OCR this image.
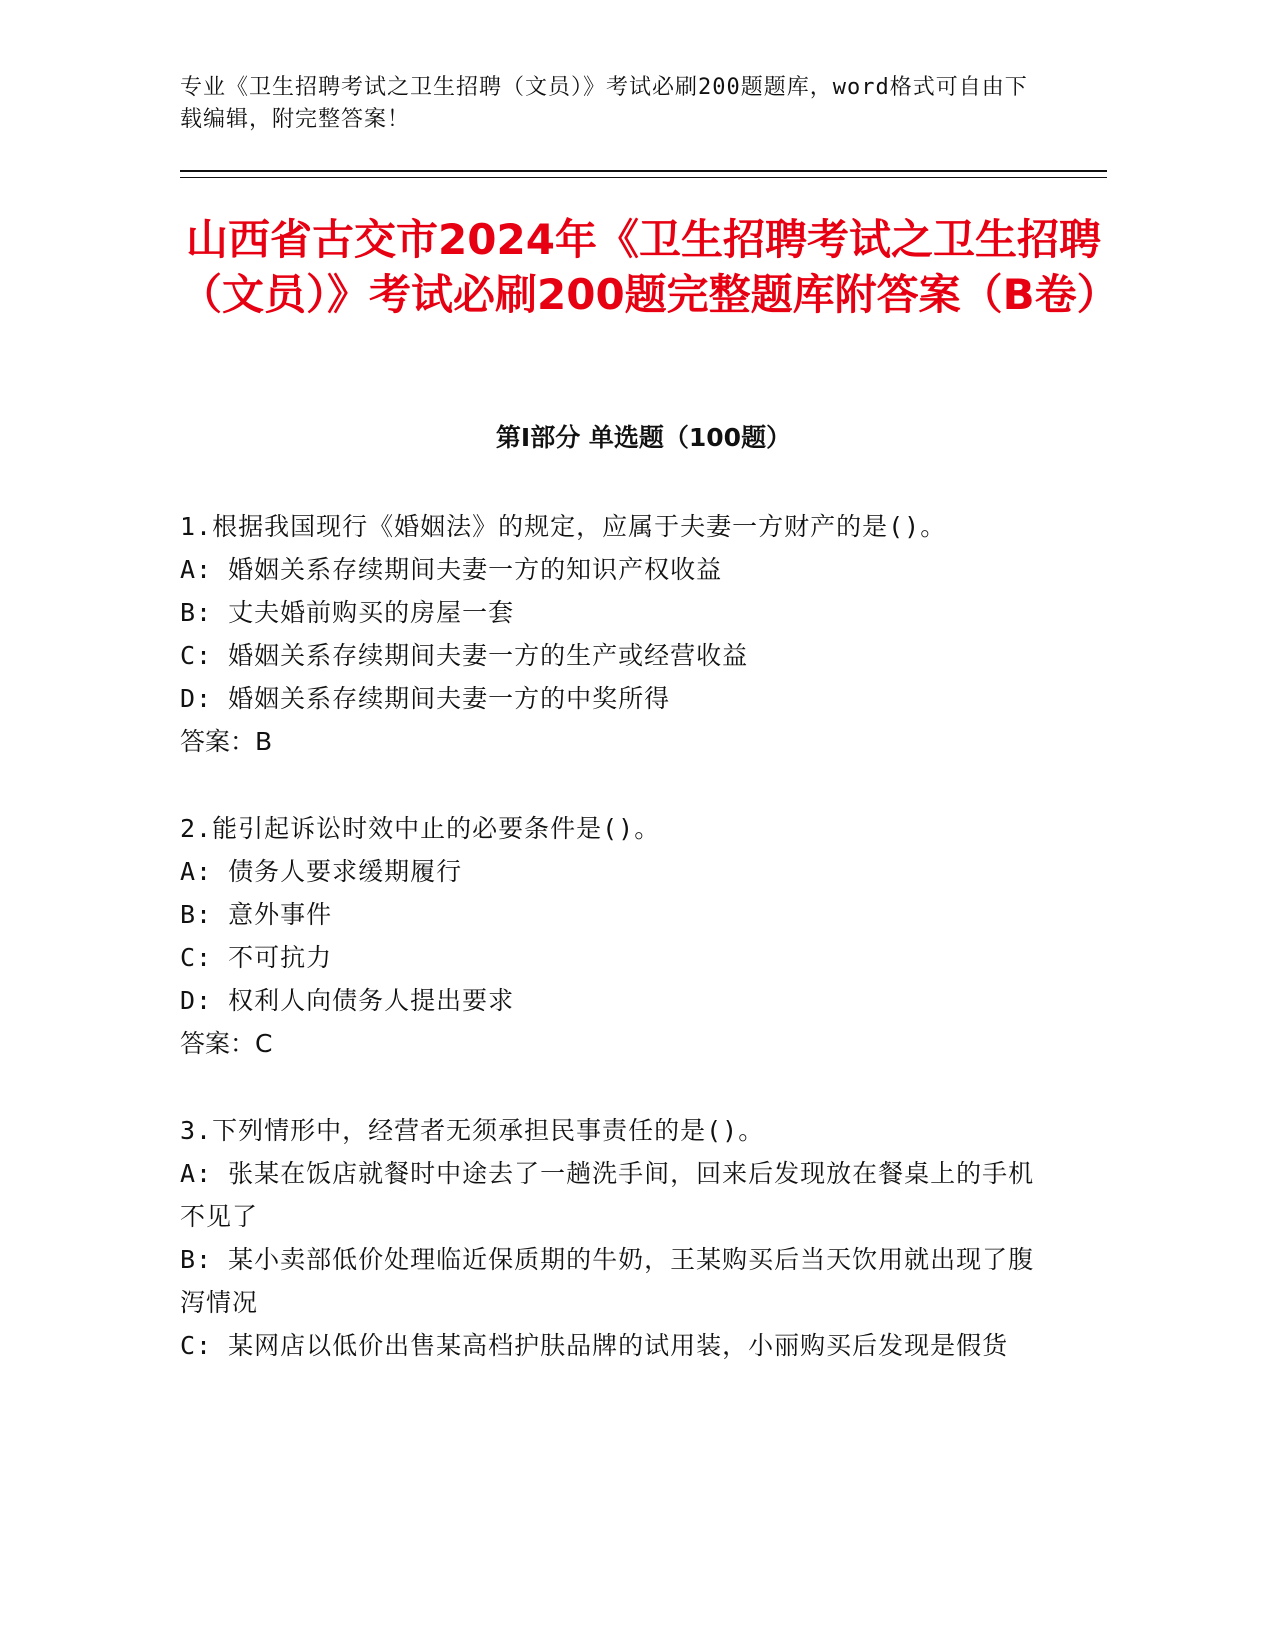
专业《卫生招聘考试之卫生招聘（文员）》考试必刷200题题库，word格式可自由下载编辑，附完整答案！
山西省古交市2024年《卫生招聘考试之卫生招聘（文员）》考试必刷200题完整题库附答案（B卷）
第Ⅰ部分 单选题（100题）

1.根据我国现行《婚姻法》的规定，应属于夫妻一方财产的是()。

A: 婚姻关系存续期间夫妻一方的知识产权收益

B: 丈夫婚前购买的房屋一套

C: 婚姻关系存续期间夫妻一方的生产或经营收益

D: 婚姻关系存续期间夫妻一方的中奖所得

答案：B

2.能引起诉讼时效中止的必要条件是()。

A: 债务人要求缓期履行

B: 意外事件

C: 不可抗力

D: 权利人向债务人提出要求

答案：C

3.下列情形中，经营者无须承担民事责任的是()。

A: 张某在饭店就餐时中途去了一趟洗手间，回来后发现放在餐桌上的手机不见了

B: 某小卖部低价处理临近保质期的牛奶，王某购买后当天饮用就出现了腹泻情况

C: 某网店以低价出售某高档护肤品牌的试用装，小丽购买后发现是假货
